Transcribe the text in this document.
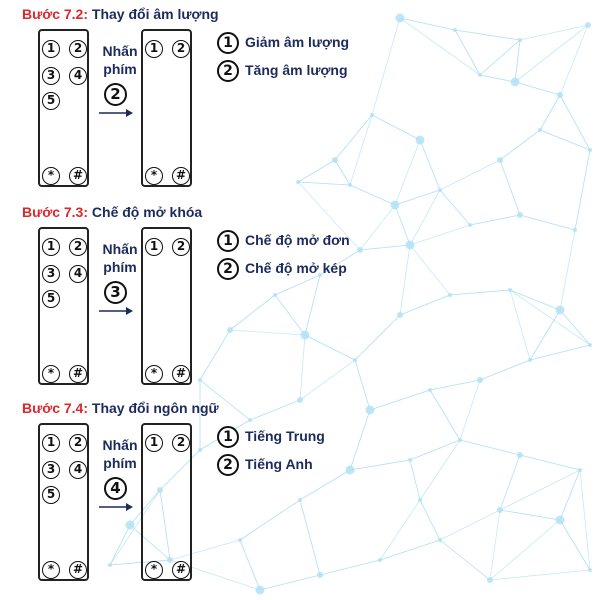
Bước 7.2: Thay đổi âm lượng
1	2
3	4
5
*	#
Nhấn
phím
2
1	2
*	#
1 Giảm âm lượng
2 Tăng âm lượng
Bước 7.3: Chế độ mở khóa
1	2
3	4
5
*	#
Nhấn
phím
3
1	2
*	#
1 Chế độ mở đơn
2 Chế độ mở kép
Bước 7.4: Thay đổi ngôn ngữ
1	2
3	4
5
*	#
Nhấn
phím
4
1	2
*	#
1 Tiếng Trung
2 Tiếng Anh
